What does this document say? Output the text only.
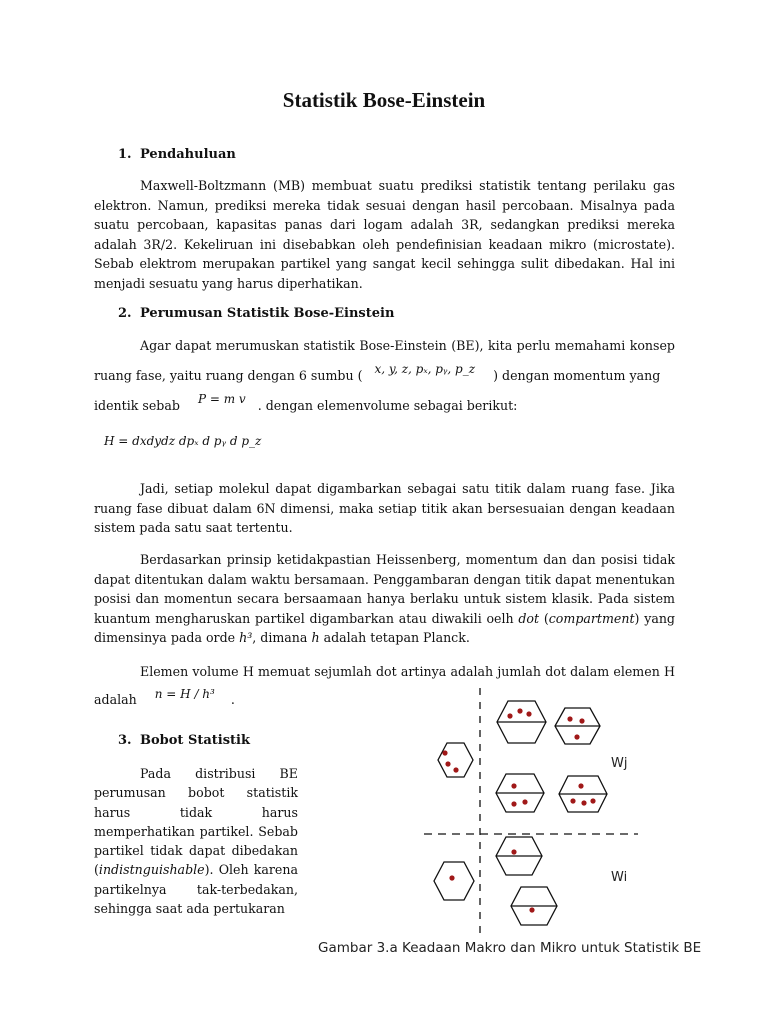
Statistik Bose-Einstein
1. Pendahuluan

Maxwell-Boltzmann (MB) membuat suatu prediksi statistik tentang perilaku gas elektron. Namun, prediksi mereka tidak sesuai dengan hasil percobaan. Misalnya pada suatu percobaan, kapasitas panas dari logam adalah 3R, sedangkan prediksi mereka adalah 3R/2. Kekeliruan ini disebabkan oleh pendefinisian keadaan mikro (microstate). Sebab elektrom merupakan partikel yang sangat kecil sehingga sulit dibedakan. Hal ini menjadi sesuatu yang harus diperhatikan.

2. Perumusan Statistik Bose-Einstein
Agar dapat merumuskan statistik Bose-Einstein (BE), kita perlu memahami konsep
ruang fase, yaitu ruang dengan 6 sumbu ( x, y, z, pₓ, pᵧ, p_z ) dengan momentum yang
identik sebab P = m v . dengan elemenvolume sebagai berikut:
H = dxdydz dpₓ d pᵧ d p_z

Jadi, setiap molekul dapat digambarkan sebagai satu titik dalam ruang fase. Jika ruang fase dibuat dalam 6N dimensi, maka setiap titik akan bersesuaian dengan keadaan sistem pada satu saat tertentu.

Berdasarkan prinsip ketidakpastian Heissenberg, momentum dan dan posisi tidak dapat ditentukan dalam waktu bersamaan. Penggambaran dengan titik dapat menentukan posisi dan momentun secara bersaamaan hanya berlaku untuk sistem klasik. Pada sistem kuantum mengharuskan partikel digambarkan atau diwakili oelh dot (compartment) yang dimensinya pada orde h³, dimana h adalah tetapan Planck.

Elemen volume H memuat sejumlah dot artinya adalah jumlah dot dalam elemen H
adalah n = H / h³ .
3. Bobot Statistik

Pada distribusi BE perumusan bobot statistik harus tidak harus memperhatikan partikel. Sebab partikel tidak dapat dibedakan (indistnguishable). Oleh karena partikelnya tak-terbedakan, sehingga saat ada pertukaran

Wj
Wi
Gambar 3.a Keadaan Makro dan Mikro untuk Statistik BE
